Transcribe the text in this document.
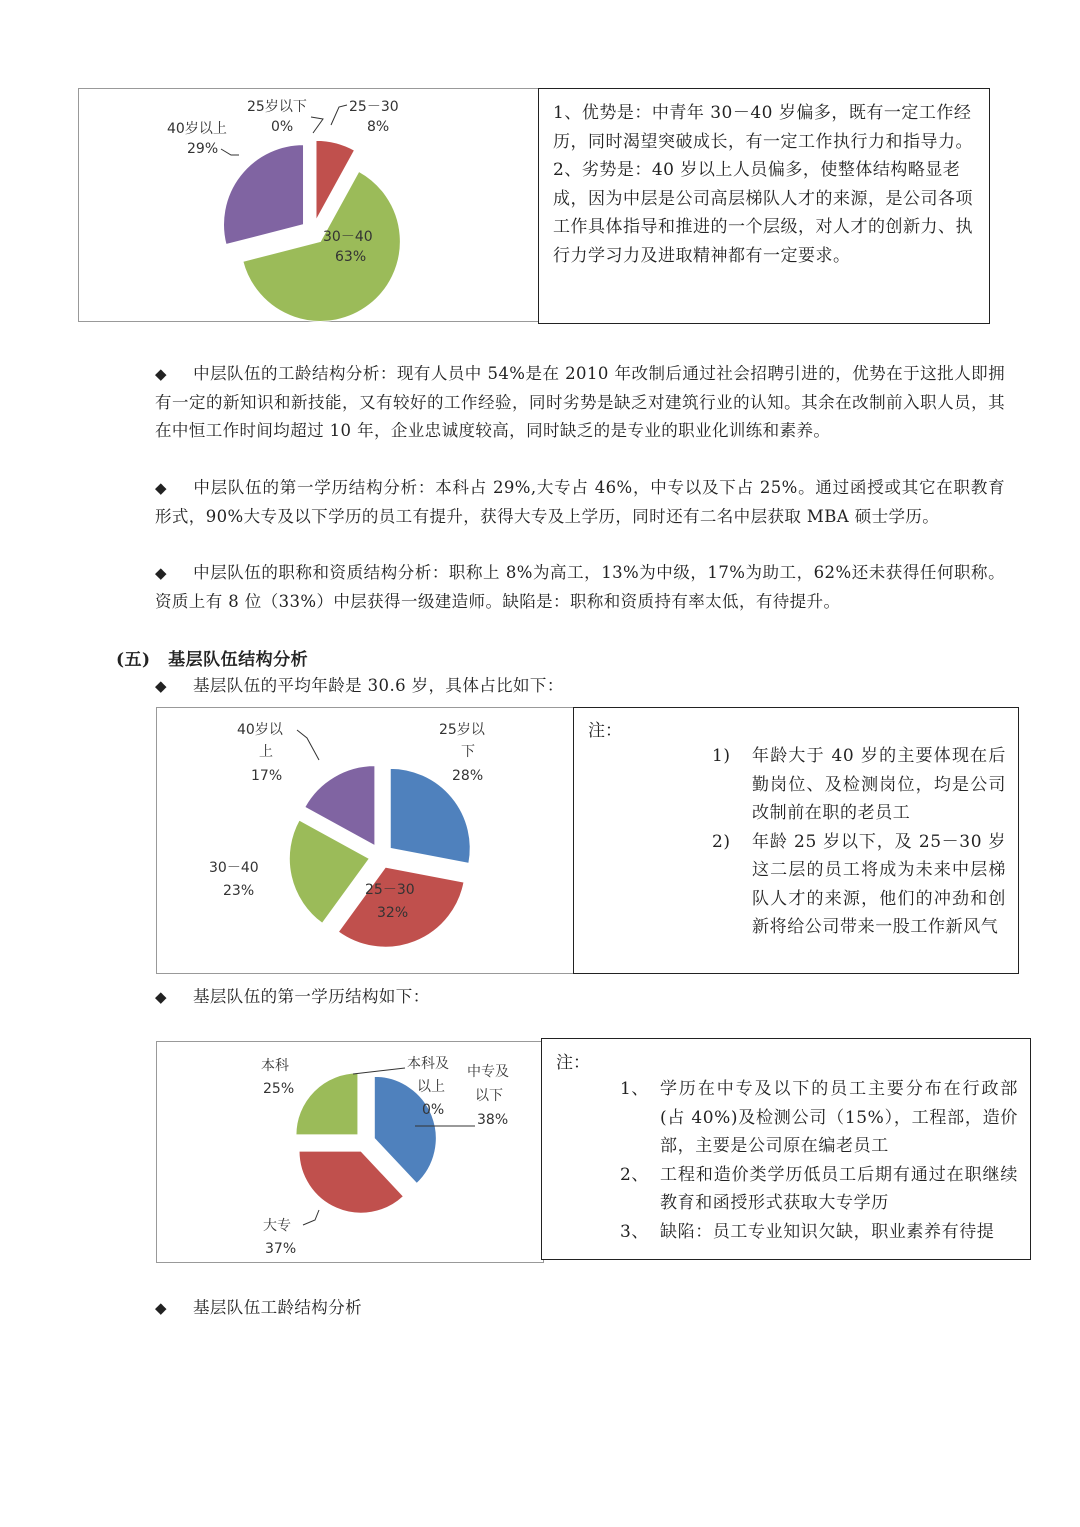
25岁以下
0%
25－30
8%
40岁以上
29%
30－40
63%

1、优势是：中青年 30－40 岁偏多，既有一定工作经历，同时渴望突破成长，有一定工作执行力和指导力。

2、劣势是：40 岁以上人员偏多，使整体结构略显老成，因为中层是公司高层梯队人才的来源，是公司各项工作具体指导和推进的一个层级，对人才的创新力、执行力学习力及进取精神都有一定要求。

◆ 中层队伍的工龄结构分析：现有人员中 54%是在 2010 年改制后通过社会招聘引进的，优势在于这批人即拥有一定的新知识和新技能，又有较好的工作经验，同时劣势是缺乏对建筑行业的认知。其余在改制前入职人员，其在中恒工作时间均超过 10 年，企业忠诚度较高，同时缺乏的是专业的职业化训练和素养。
◆ 中层队伍的第一学历结构分析：本科占 29%,大专占 46%，中专以及下占 25%。通过函授或其它在职教育形式，90%大专及以下学历的员工有提升，获得大专及上学历，同时还有二名中层获取 MBA 硕士学历。
◆ 中层队伍的职称和资质结构分析：职称上 8%为高工，13%为中级，17%为助工，62%还未获得任何职称。资质上有 8 位（33%）中层获得一级建造师。缺陷是：职称和资质持有率太低，有待提升。
(五)　基层队伍结构分析
◆ 基层队伍的平均年龄是 30.6 岁，具体占比如下：
40岁以
上
17%
25岁以
下
28%
30－40
23%	25－30
32%
注：
1)	年龄大于 40 岁的主要体现在后勤岗位、及检测岗位，均是公司改制前在职的老员工
2)	年龄 25 岁以下，及 25－30 岁这二层的员工将成为未来中层梯队人才的来源，他们的冲劲和创新将给公司带来一股工作新风气
◆ 基层队伍的第一学历结构如下：
本科
25%
本科及
以上
0%
中专及
以下
38%
大专
37%
注：
1、 学历在中专及以下的员工主要分布在行政部(占 40%)及检测公司（15%），工程部，造价部，主要是公司原在编老员工
2、 工程和造价类学历低员工后期有通过在职继续教育和函授形式获取大专学历
3、 缺陷：员工专业知识欠缺，职业素养有待提
◆ 基层队伍工龄结构分析
